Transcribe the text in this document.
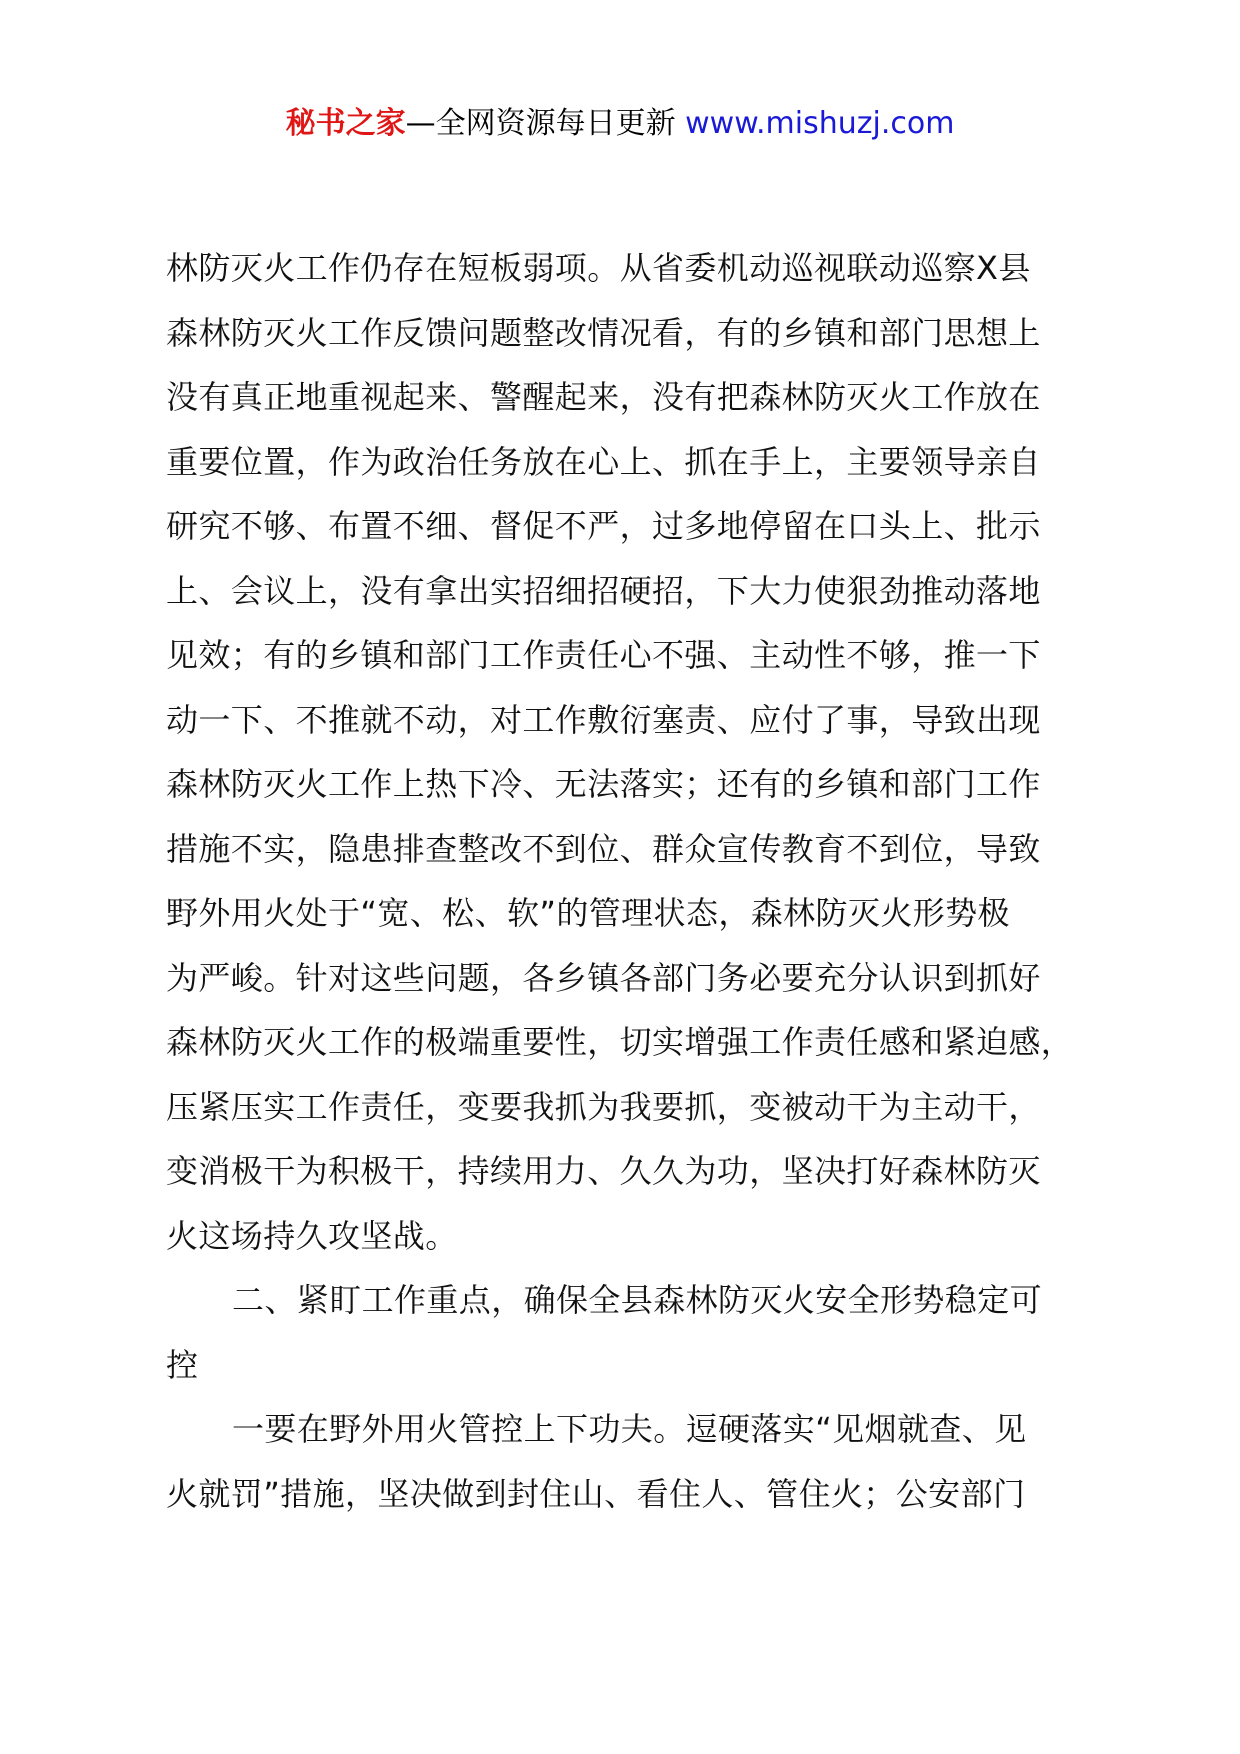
秘书之家—全网资源每日更新 www.mishuzj.com
林防灭火工作仍存在短板弱项。从省委机动巡视联动巡察Ⅹ县
森林防灭火工作反馈问题整改情况看，有的乡镇和部门思想上
没有真正地重视起来、警醒起来，没有把森林防灭火工作放在
重要位置，作为政治任务放在心上、抓在手上，主要领导亲自
研究不够、布置不细、督促不严，过多地停留在口头上、批示
上、会议上，没有拿出实招细招硬招，下大力使狠劲推动落地
见效；有的乡镇和部门工作责任心不强、主动性不够，推一下
动一下、不推就不动，对工作敷衍塞责、应付了事，导致出现
森林防灭火工作上热下冷、无法落实；还有的乡镇和部门工作
措施不实，隐患排查整改不到位、群众宣传教育不到位，导致
野外用火处于“宽、松、软”的管理状态，森林防灭火形势极
为严峻。针对这些问题，各乡镇各部门务必要充分认识到抓好
森林防灭火工作的极端重要性，切实增强工作责任感和紧迫感，
压紧压实工作责任，变要我抓为我要抓，变被动干为主动干，
变消极干为积极干，持续用力、久久为功，坚决打好森林防灭
火这场持久攻坚战。
二、紧盯工作重点，确保全县森林防灭火安全形势稳定可
控
一要在野外用火管控上下功夫。逗硬落实“见烟就查、见
火就罚”措施，坚决做到封住山、看住人、管住火；公安部门
